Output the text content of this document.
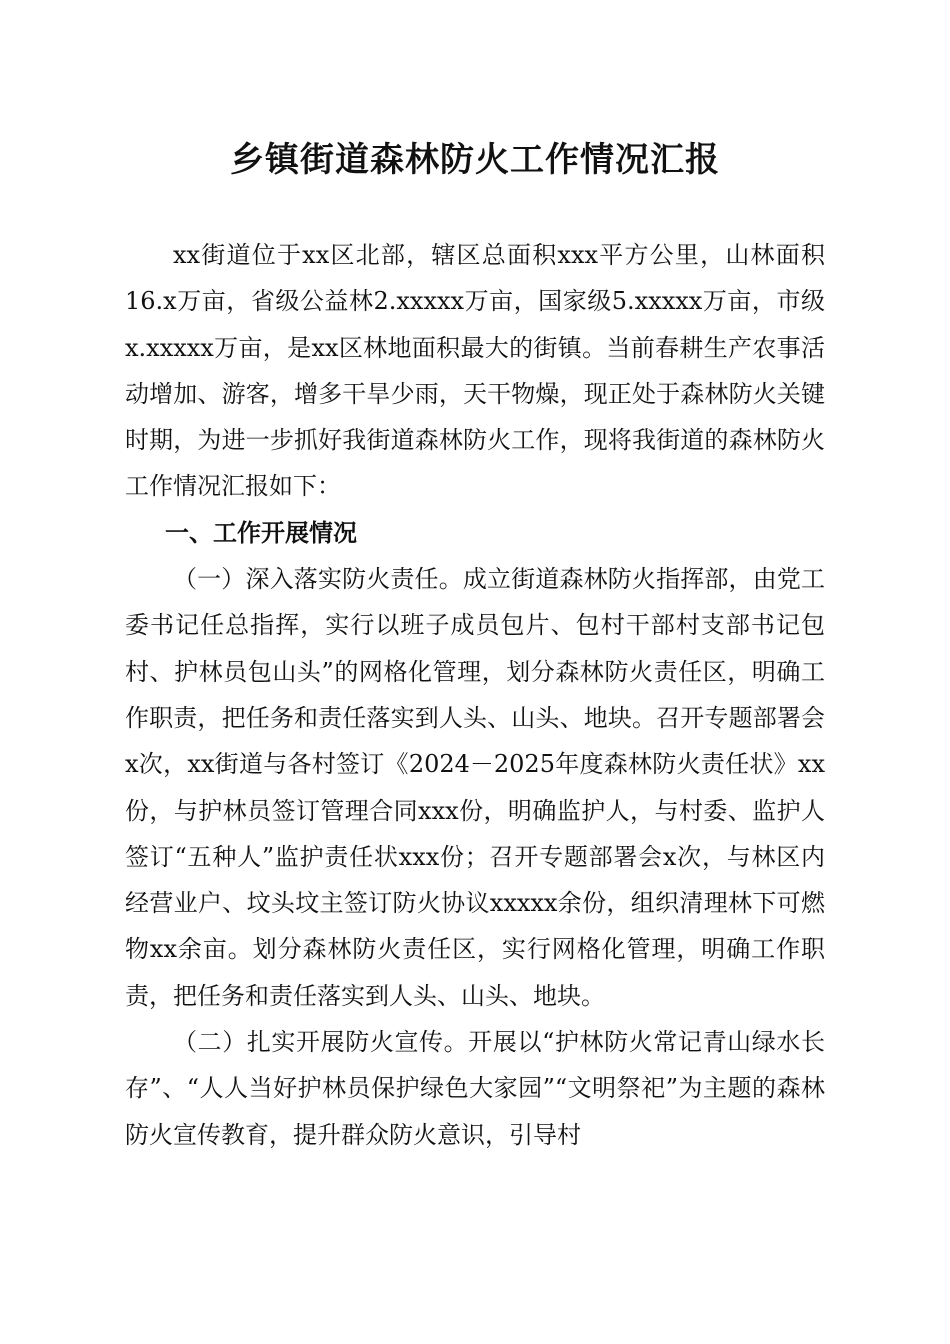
乡镇街道森林防火工作情况汇报

xx街道位于xx区北部，辖区总面积xxx平方公里，山林面积16.x万亩，省级公益林2.xxxxx万亩，国家级5.xxxxx万亩，市级x.xxxxx万亩，是xx区林地面积最大的街镇。当前春耕生产农事活动增加、游客，增多干旱少雨，天干物燥，现正处于森林防火关键时期，为进一步抓好我街道森林防火工作，现将我街道的森林防火工作情况汇报如下：

一、工作开展情况

（一）深入落实防火责任。成立街道森林防火指挥部，由党工委书记任总指挥，实行以班子成员包片、包村干部村支部书记包村、护林员包山头”的网格化管理，划分森林防火责任区，明确工作职责，把任务和责任落实到人头、山头、地块。召开专题部署会x次，xx街道与各村签订《2024－2025年度森林防火责任状》xx份，与护林员签订管理合同xxx份，明确监护人，与村委、监护人签订“五种人”监护责任状xxx份；召开专题部署会x次，与林区内经营业户、坟头坟主签订防火协议xxxxx余份，组织清理林下可燃物xx余亩。划分森林防火责任区，实行网格化管理，明确工作职责，把任务和责任落实到人头、山头、地块。

（二）扎实开展防火宣传。开展以“护林防火常记青山绿水长存”、“人人当好护林员保护绿色大家园”“文明祭祀”为主题的森林防火宣传教育，提升群众防火意识，引导村
